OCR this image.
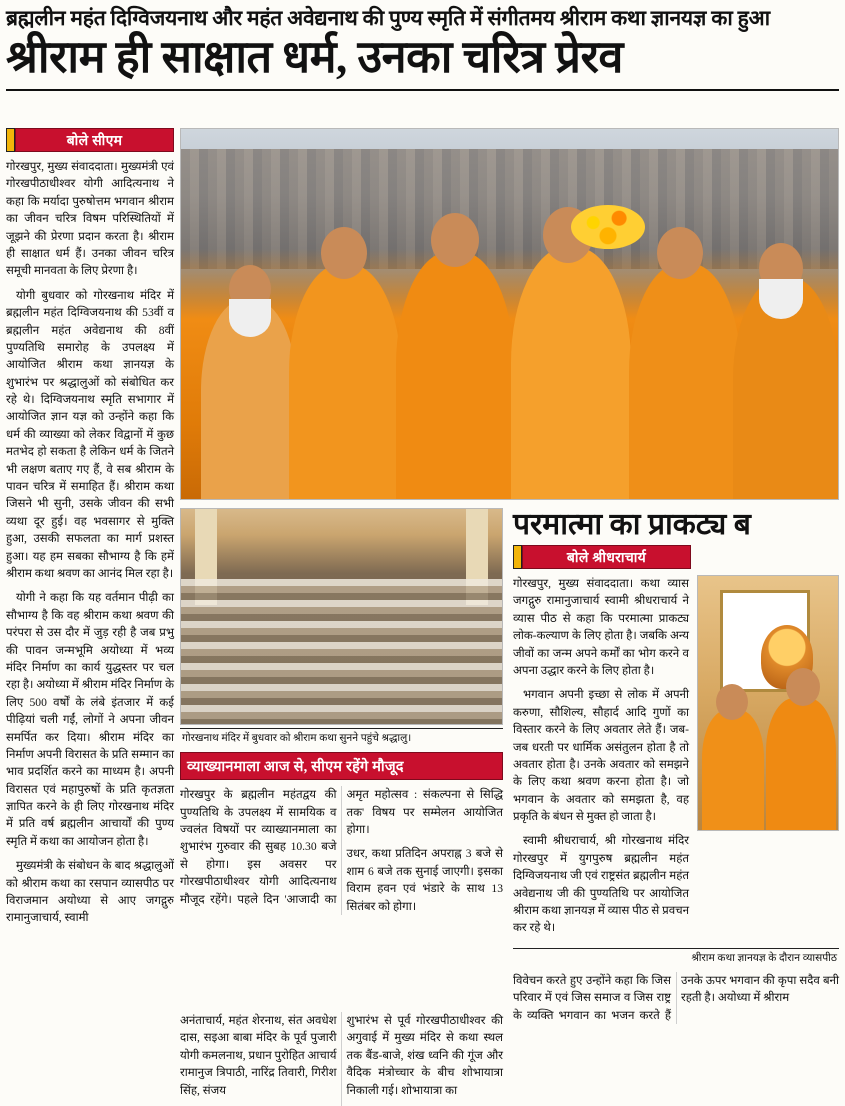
ब्रह्मलीन महंत दिग्विजयनाथ और महंत अवेद्यनाथ की पुण्य स्मृति में संगीतमय श्रीराम कथा ज्ञानयज्ञ का हुआ
श्रीराम ही साक्षात धर्म, उनका चरित्र प्रेरव
बोले सीएम

गोरखपुर, मुख्य संवाददाता। मुख्यमंत्री एवं गोरखपीठाधीश्वर योगी आदित्यनाथ ने कहा कि मर्यादा पुरुषोत्तम भगवान श्रीराम का जीवन चरित्र विषम परिस्थितियों में जूझने की प्रेरणा प्रदान करता है। श्रीराम ही साक्षात धर्म हैं। उनका जीवन चरित्र समूची मानवता के लिए प्रेरणा है।

योगी बुधवार को गोरखनाथ मंदिर में ब्रह्मलीन महंत दिग्विजयनाथ की 53वीं व ब्रह्मलीन महंत अवेद्यनाथ की 8वीं पुण्यतिथि समारोह के उपलक्ष्य में आयोजित श्रीराम कथा ज्ञानयज्ञ के शुभारंभ पर श्रद्धालुओं को संबोधित कर रहे थे। दिग्विजयनाथ स्मृति सभागार में आयोजित ज्ञान यज्ञ को उन्होंने कहा कि धर्म की व्याख्या को लेकर विद्वानों में कुछ मतभेद हो सकता है लेकिन धर्म के जितने भी लक्षण बताए गए हैं, वे सब श्रीराम के पावन चरित्र में समाहित हैं। श्रीराम कथा जिसने भी सुनी, उसके जीवन की सभी व्यथा दूर हुई। वह भवसागर से मुक्ति हुआ, उसकी सफलता का मार्ग प्रशस्त हुआ। यह हम सबका सौभाग्य है कि हमें श्रीराम कथा श्रवण का आनंद मिल रहा है।

योगी ने कहा कि यह वर्तमान पीढ़ी का सौभाग्य है कि वह श्रीराम कथा श्रवण की परंपरा से उस दौर में जुड़ रही है जब प्रभु की पावन जन्मभूमि अयोध्या में भव्य मंदिर निर्माण का कार्य युद्धस्तर पर चल रहा है। अयोध्या में श्रीराम मंदिर निर्माण के लिए 500 वर्षों के लंबे इंतजार में कई पीढ़ियां चली गईं, लोगों ने अपना जीवन समर्पित कर दिया। श्रीराम मंदिर का निर्माण अपनी विरासत के प्रति सम्मान का भाव प्रदर्शित करने का माध्यम है। अपनी विरासत एवं महापुरुषों के प्रति कृतज्ञता ज्ञापित करने के ही लिए गोरखनाथ मंदिर में प्रति वर्ष ब्रह्मलीन आचार्यों की पुण्य स्मृति में कथा का आयोजन होता है।

मुख्यमंत्री के संबोधन के बाद श्रद्धालुओं को श्रीराम कथा का रसपान व्यासपीठ पर विराजमान अयोध्या से आए जगद्गुरु रामानुजाचार्य, स्वामी

गोरखनाथ मंदिर में बुधवार को श्रीराम कथा सुनने पहुंचे श्रद्धालु।
व्याख्यानमाला आज से, सीएम रहेंगे मौजूद

गोरखपुर के ब्रह्मलीन महंतद्वय की पुण्यतिथि के उपलक्ष्य में सामयिक व ज्वलंत विषयों पर व्याख्यानमाला का शुभारंभ गुरुवार की सुबह 10.30 बजे से होगा। इस अवसर पर गोरखपीठाधीश्वर योगी आदित्यनाथ मौजूद रहेंगे। पहले दिन 'आजादी का अमृत महोत्सव : संकल्पना से सिद्धि तक' विषय पर सम्मेलन आयोजित होगा।

उधर, कथा प्रतिदिन अपराह्न 3 बजे से शाम 6 बजे तक सुनाई जाएगी। इसका विराम हवन एवं भंडारे के साथ 13 सितंबर को होगा।

अनंताचार्य, महंत शेरनाथ, संत अवधेश दास, सइआ बाबा मंदिर के पूर्व पुजारी योगी कमलनाथ, प्रधान पुरोहित आचार्य रामानुज त्रिपाठी, नारिंद्र तिवारी, गिरीश सिंह, संजय

शुभारंभ से पूर्व गोरखपीठाधीश्वर की अगुवाई में मुख्य मंदिर से कथा स्थल तक बैंड-बाजे, शंख ध्वनि की गूंज और वैदिक मंत्रोच्चार के बीच शोभायात्रा निकाली गई। शोभायात्रा का

परमात्मा का प्राकट्य ब
बोले श्रीधराचार्य

गोरखपुर, मुख्य संवाददाता। कथा व्यास जगद्गुरु रामानुजाचार्य स्वामी श्रीधराचार्य ने व्यास पीठ से कहा कि परमात्मा प्राकट्य लोक-कल्याण के लिए होता है। जबकि अन्य जीवों का जन्म अपने कर्मों का भोग करने व अपना उद्धार करने के लिए होता है।

भगवान अपनी इच्छा से लोक में अपनी करुणा, सौशिल्य, सौहार्द आदि गुणों का विस्तार करने के लिए अवतार लेते हैं। जब-जब धरती पर धार्मिक असंतुलन होता है तो अवतार होता है। उनके अवतार को समझने के लिए कथा श्रवण करना होता है। जो भगवान के अवतार को समझता है, वह प्रकृति के बंधन से मुक्त हो जाता है।

स्वामी श्रीधराचार्य, श्री गोरखनाथ मंदिर गोरखपुर में युगपुरुष ब्रह्मलीन महंत दिग्विजयनाथ जी एवं राष्ट्रसंत ब्रह्मलीन महंत अवेद्यनाथ जी की पुण्यतिथि पर आयोजित श्रीराम कथा ज्ञानयज्ञ में व्यास पीठ से प्रवचन कर रहे थे।

श्रीराम कथा ज्ञानयज्ञ के दौरान व्यासपीठ

विवेचन करते हुए उन्होंने कहा कि जिस परिवार में एवं जिस समाज व जिस राष्ट्र के व्यक्ति भगवान का भजन करते हैं उनके ऊपर भगवान की कृपा सदैव बनी रहती है। अयोध्या में श्रीराम
